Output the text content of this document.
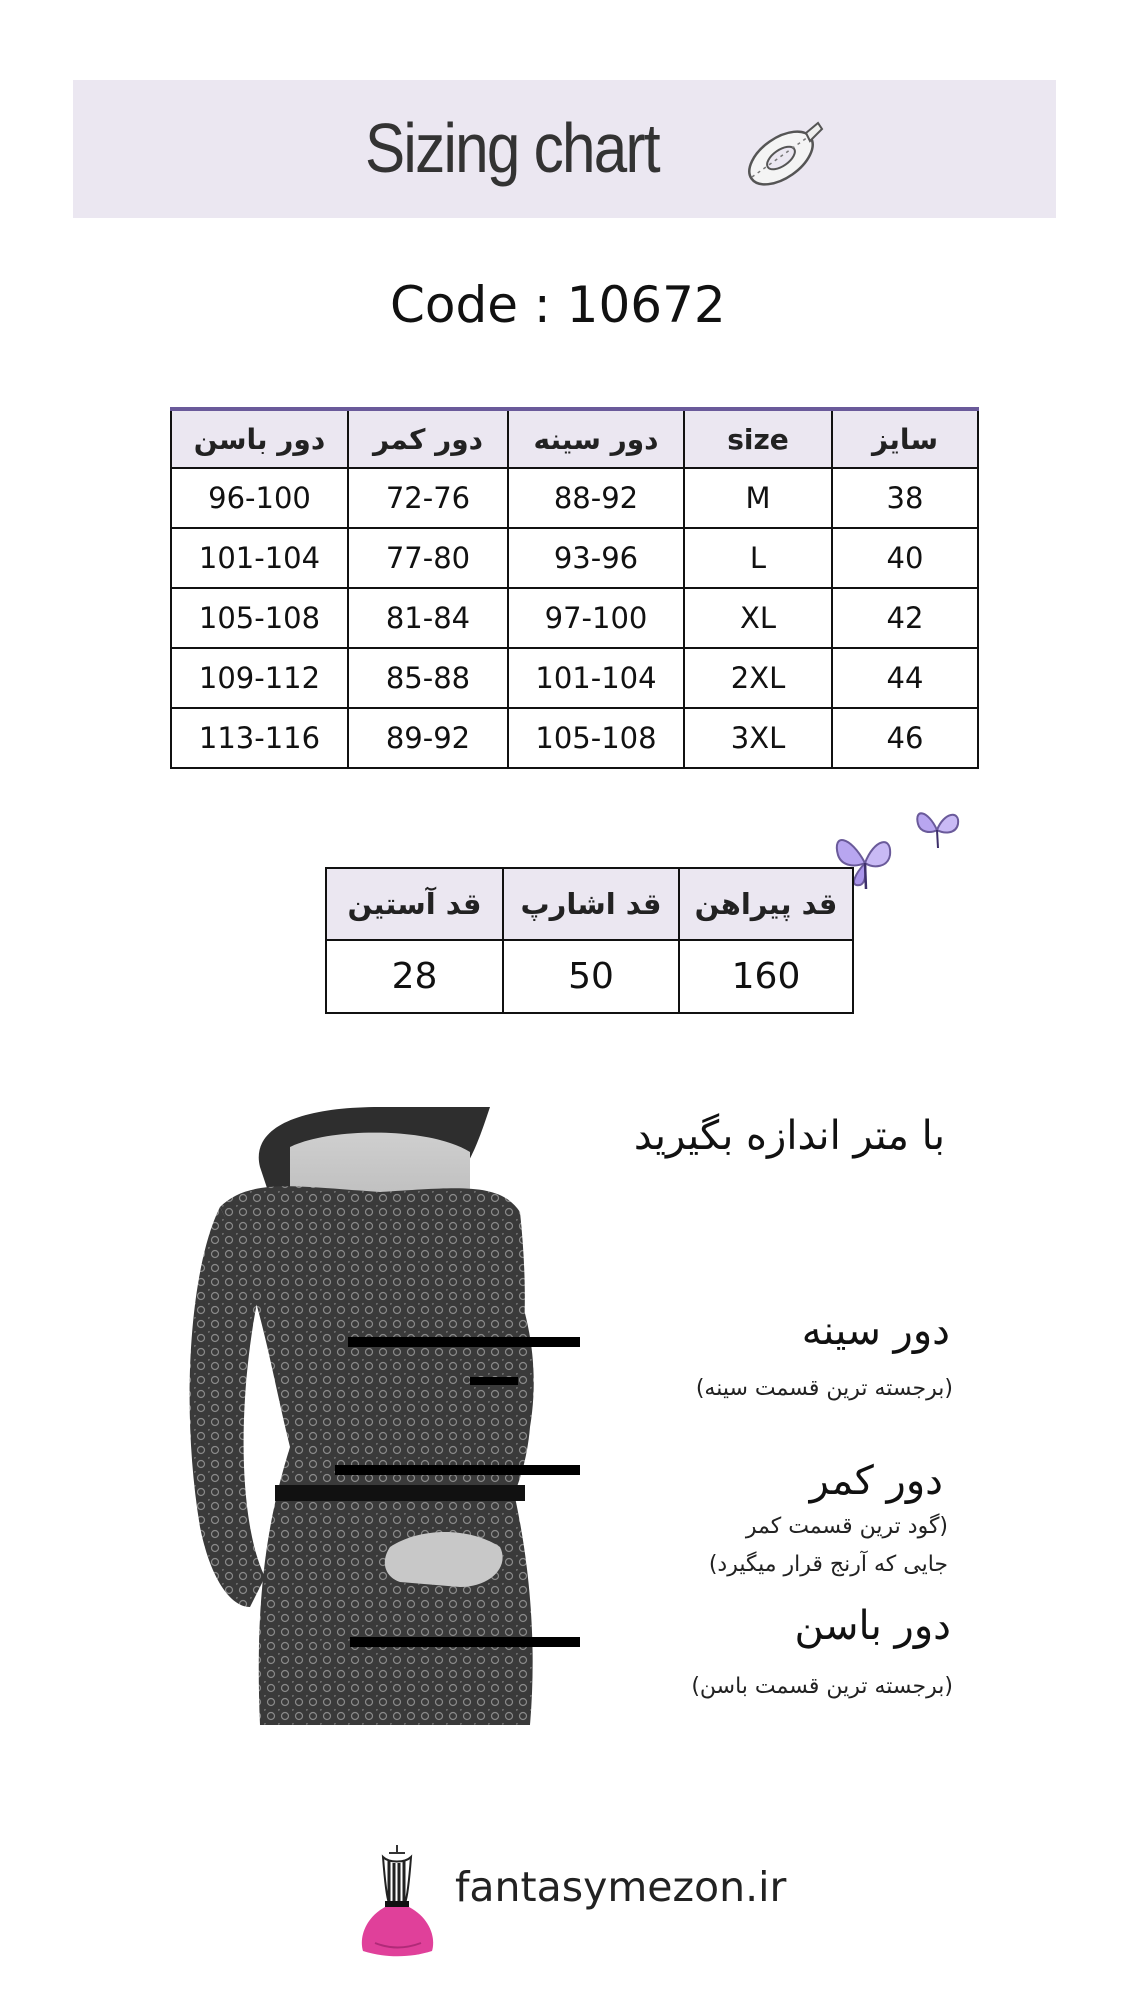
Sizing chart
Code : 10672
دور باسن	دور کمر	دور سینه	size	سایز
96-100	72-76	88-92	M	38
101-104	77-80	93-96	L	40
105-108	81-84	97-100	XL	42
109-112	85-88	101-104	2XL	44
113-116	89-92	105-108	3XL	46
قد آستین	قد اشارپ	قد پیراهن
28	50	160
با متر اندازه بگیرید
دور سینه
(برجسته ترین قسمت سینه)
دور کمر
(گود ترین قسمت کمر
جایی که آرنج قرار میگیرد)
دور باسن
(برجسته ترین قسمت باسن)
fantasymezon.ir
